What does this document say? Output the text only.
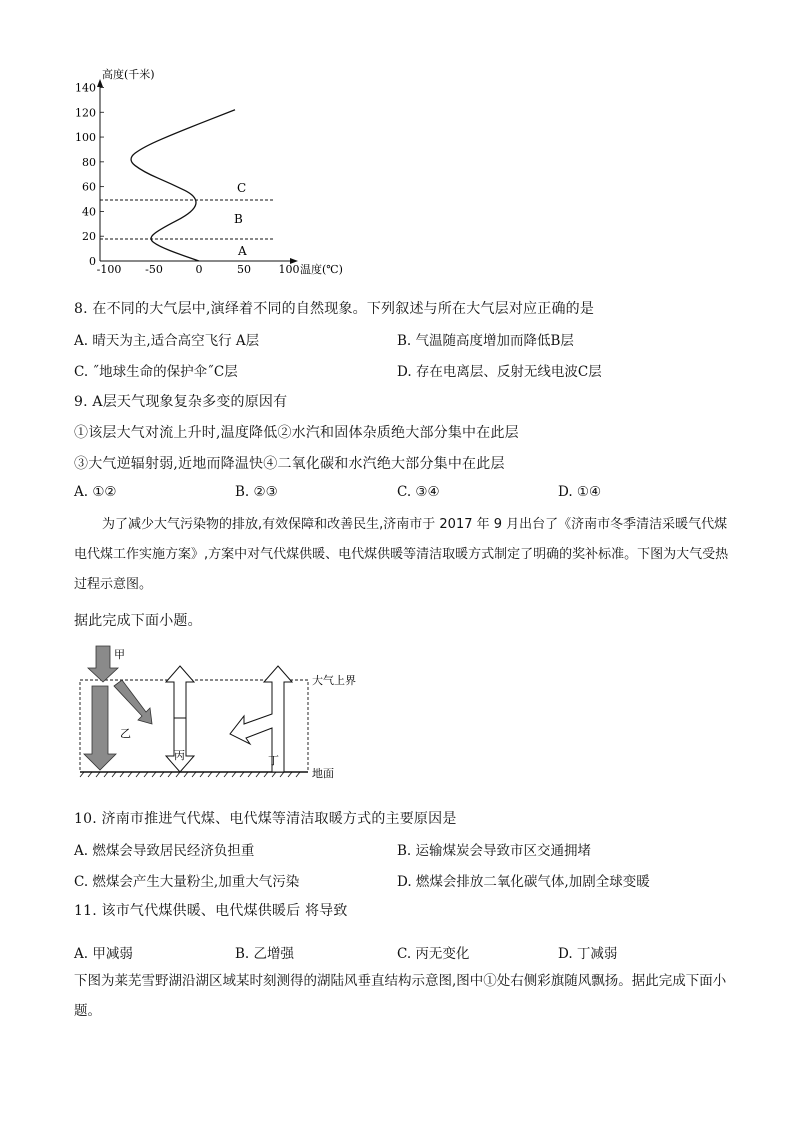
高度(千米)
0
20
40
60
80
100
120
140
-100 -50	0	50	100 温度(℃)
C
B
A
8. 在不同的大气层中,演绎着不同的自然现象。下列叙述与所在大气层对应正确的是
A. 晴天为主,适合高空飞行 A层	B. 气温随高度增加而降低B层
C. ˝地球生命的保护伞˝C层	D. 存在电离层、反射无线电波C层
9. A层天气现象复杂多变的原因有
①该层大气对流上升时,温度降低②水汽和固体杂质绝大部分集中在此层
③大气逆辐射弱,近地而降温快④二氧化碳和水汽绝大部分集中在此层
A. ①②	B. ②③	C. ③④	D. ①④
为了减少大气污染物的排放,有效保障和改善民生,济南市于 2017 年 9 月出台了《济南市冬季清洁采暖气代煤电代煤工作实施方案》,方案中对气代煤供暖、电代煤供暖等清洁取暖方式制定了明确的奖补标准。下图为大气受热过程示意图。
据此完成下面小题。
甲
乙
丙	丁
大气上界
地面
10. 济南市推进气代煤、电代煤等清洁取暖方式的主要原因是
A. 燃煤会导致居民经济负担重	B. 运输煤炭会导致市区交通拥堵
C. 燃煤会产生大量粉尘,加重大气污染	D. 燃煤会排放二氧化碳气体,加剧全球变暖
11. 该市气代煤供暖、电代煤供暖后 将导致
A. 甲减弱	B. 乙增强	C. 丙无变化	D. 丁减弱
下图为莱芜雪野湖沿湖区域某时刻测得的湖陆风垂直结构示意图,图中①处右侧彩旗随风飘扬。据此完成下面小题。
